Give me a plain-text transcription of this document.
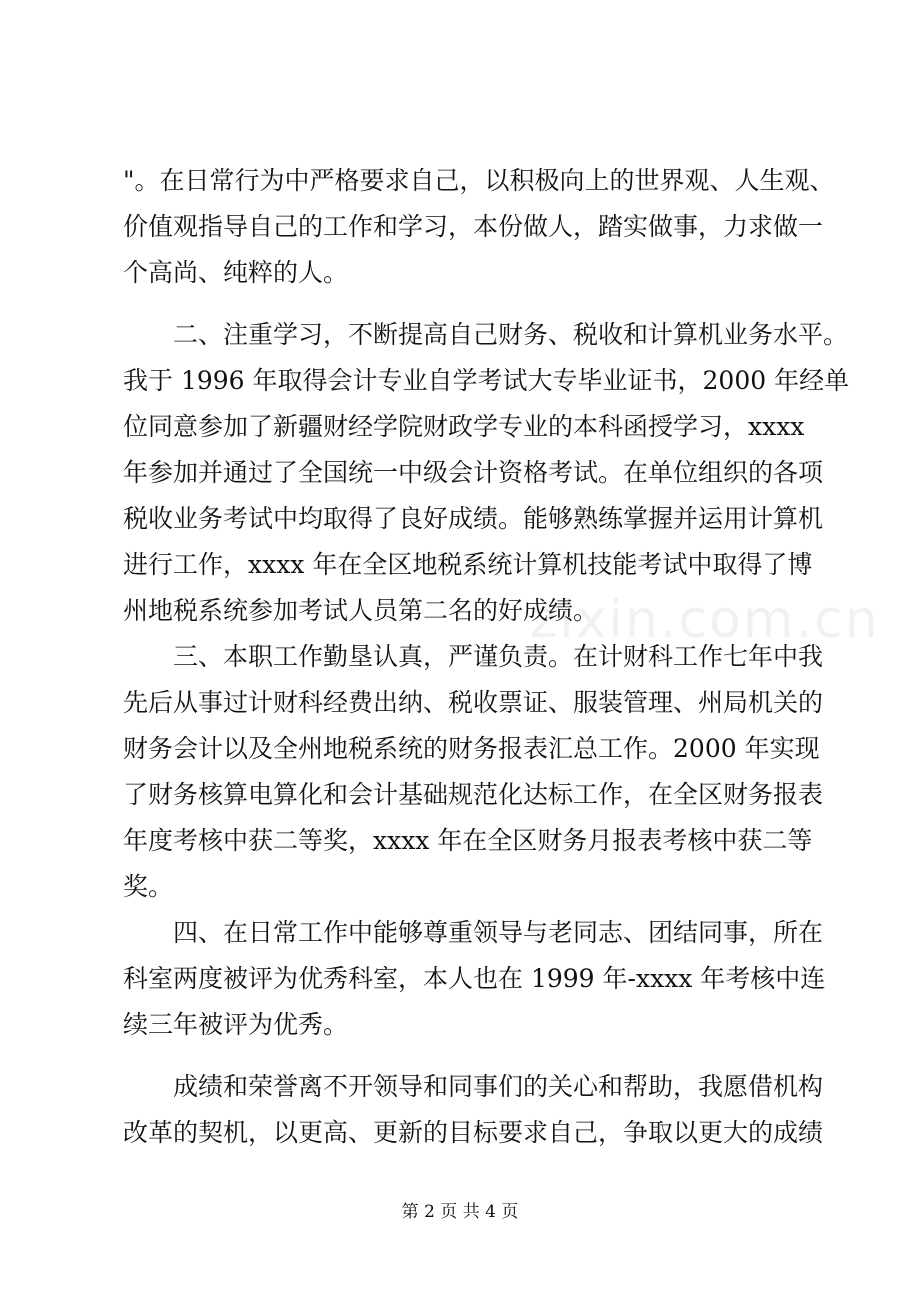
zixin.com.cn
"。在日常行为中严格要求自己，以积极向上的世界观、人生观、
价值观指导自己的工作和学习，本份做人，踏实做事，力求做一
个高尚、纯粹的人。
二、注重学习，不断提高自己财务、税收和计算机业务水平。
我于 1996 年取得会计专业自学考试大专毕业证书，2000 年经单
位同意参加了新疆财经学院财政学专业的本科函授学习，xxxx
年参加并通过了全国统一中级会计资格考试。在单位组织的各项
税收业务考试中均取得了良好成绩。能够熟练掌握并运用计算机
进行工作，xxxx 年在全区地税系统计算机技能考试中取得了博
州地税系统参加考试人员第二名的好成绩。
三、本职工作勤垦认真，严谨负责。在计财科工作七年中我
先后从事过计财科经费出纳、税收票证、服装管理、州局机关的
财务会计以及全州地税系统的财务报表汇总工作。2000 年实现
了财务核算电算化和会计基础规范化达标工作，在全区财务报表
年度考核中获二等奖，xxxx 年在全区财务月报表考核中获二等
奖。
四、在日常工作中能够尊重领导与老同志、团结同事，所在
科室两度被评为优秀科室，本人也在 1999 年-xxxx 年考核中连
续三年被评为优秀。
成绩和荣誉离不开领导和同事们的关心和帮助，我愿借机构
改革的契机，以更高、更新的目标要求自己，争取以更大的成绩
第 2 页 共 4 页
